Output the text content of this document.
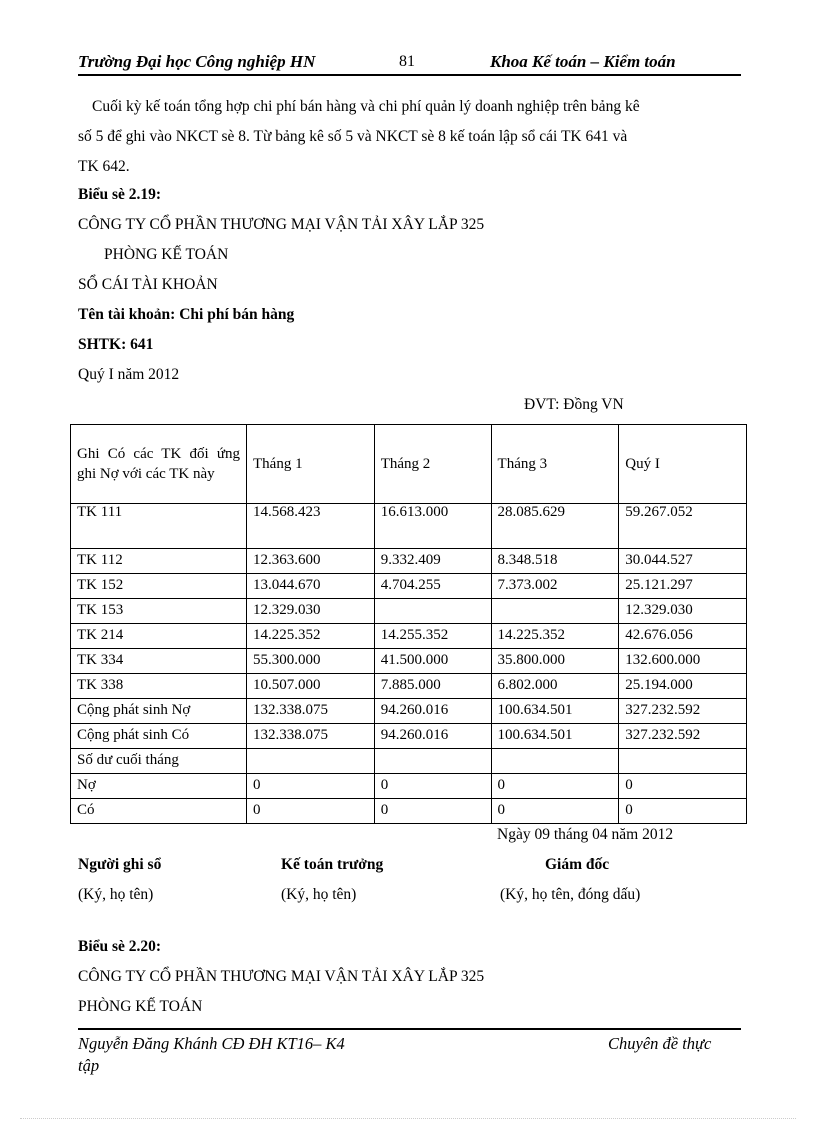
Trường Đại học Công nghiệp HN	81	Khoa Kế toán – Kiểm toán
Cuối kỳ kế toán tổng hợp chi phí bán hàng và chi phí quản lý doanh nghiệp trên bảng kê
số 5 để ghi vào NKCT sè 8. Từ bảng kê số 5 và NKCT sè 8 kế toán lập sổ cái TK 641 và
TK 642.
Biểu sè 2.19:
CÔNG TY CỔ PHẦN THƯƠNG MẠI VẬN TẢI XÂY LẮP 325
PHÒNG KẾ TOÁN
SỔ CÁI TÀI KHOẢN
Tên tài khoản: Chi phí bán hàng
SHTK: 641
Quý I năm 2012
ĐVT: Đồng VN
Ghi Có các TK đối ứng ghi Nợ với các TK này	Tháng 1	Tháng 2	Tháng 3	Quý I
TK 111	14.568.423	16.613.000	28.085.629	59.267.052
TK 112	12.363.600	9.332.409	8.348.518	30.044.527
TK 152	13.044.670	4.704.255	7.373.002	25.121.297
TK 153	12.329.030			12.329.030
TK 214	14.225.352	14.255.352	14.225.352	42.676.056
TK 334	55.300.000	41.500.000	35.800.000	132.600.000
TK 338	10.507.000	7.885.000	6.802.000	25.194.000
Cộng phát sinh Nợ	132.338.075	94.260.016	100.634.501	327.232.592
Cộng phát sinh Có	132.338.075	94.260.016	100.634.501	327.232.592
Số dư cuối tháng				
Nợ	0	0	0	0
Có	0	0	0	0
Ngày 09 tháng 04 năm 2012
Người ghi sổ	Kế toán trưởng	Giám đốc
(Ký, họ tên)	(Ký, họ tên)	(Ký, họ tên, đóng dấu)
Biểu sè 2.20:
CÔNG TY CỔ PHẦN THƯƠNG MẠI VẬN TẢI XÂY LẮP 325
PHÒNG KẾ TOÁN
Nguyễn Đăng Khánh CĐ ĐH KT16– K4
tập
Chuyên đề thực
